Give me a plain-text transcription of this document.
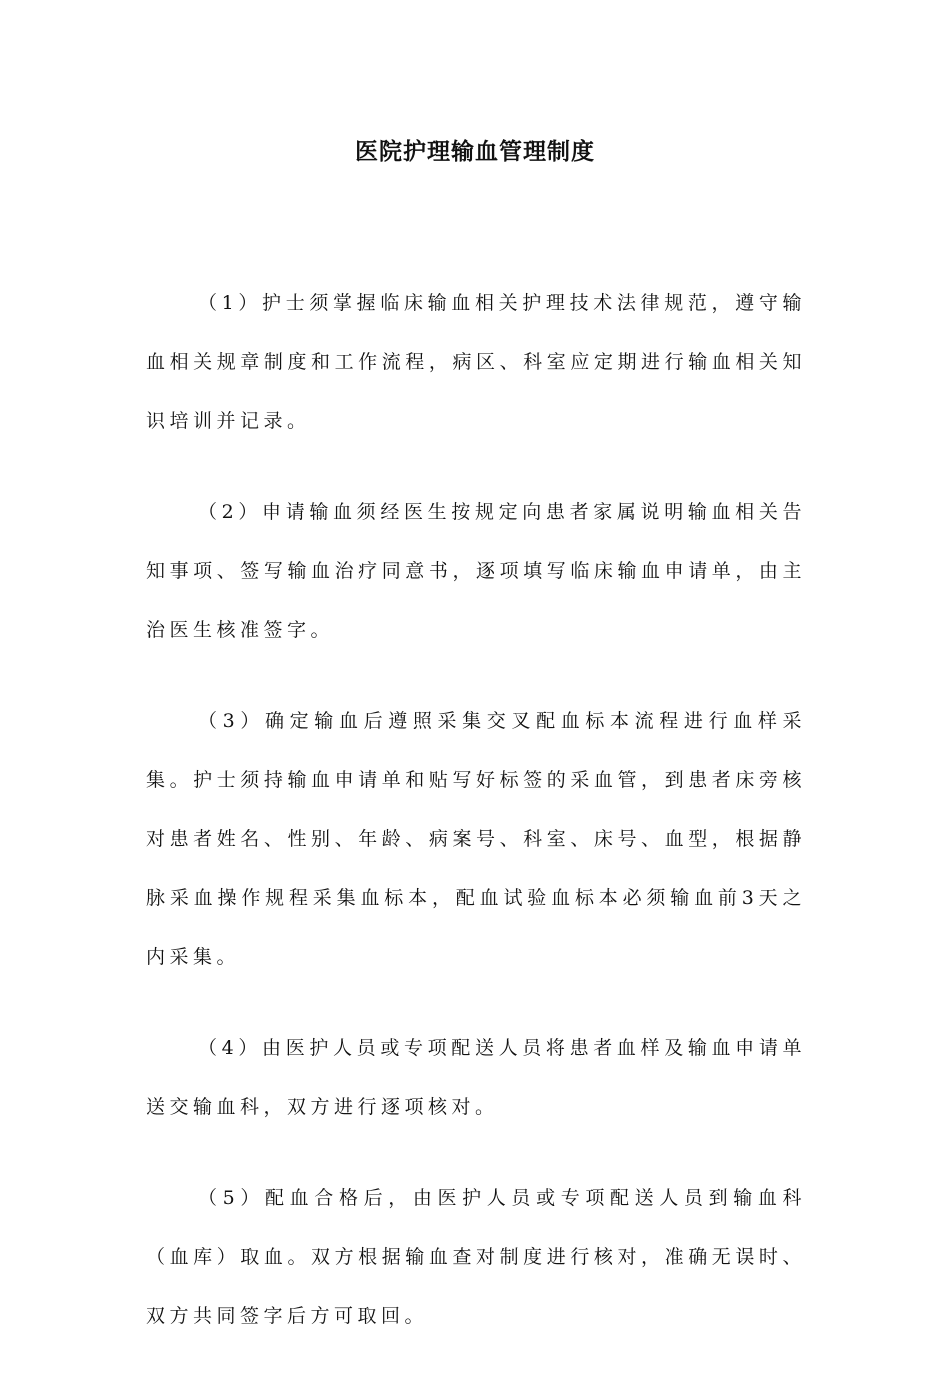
医院护理输血管理制度

（1）护士须掌握临床输血相关护理技术法律规范，遵守输血相关规章制度和工作流程，病区、科室应定期进行输血相关知识培训并记录。

（2）申请输血须经医生按规定向患者家属说明输血相关告知事项、签写输血治疗同意书，逐项填写临床输血申请单，由主治医生核准签字。

（3）确定输血后遵照采集交叉配血标本流程进行血样采集。护士须持输血申请单和贴写好标签的采血管，到患者床旁核对患者姓名、性别、年龄、病案号、科室、床号、血型，根据静脉采血操作规程采集血标本，配血试验血标本必须输血前3天之内采集。

（4）由医护人员或专项配送人员将患者血样及输血申请单送交输血科，双方进行逐项核对。

（5）配血合格后，由医护人员或专项配送人员到输血科（血库）取血。双方根据输血查对制度进行核对，准确无误时、双方共同签字后方可取回。
